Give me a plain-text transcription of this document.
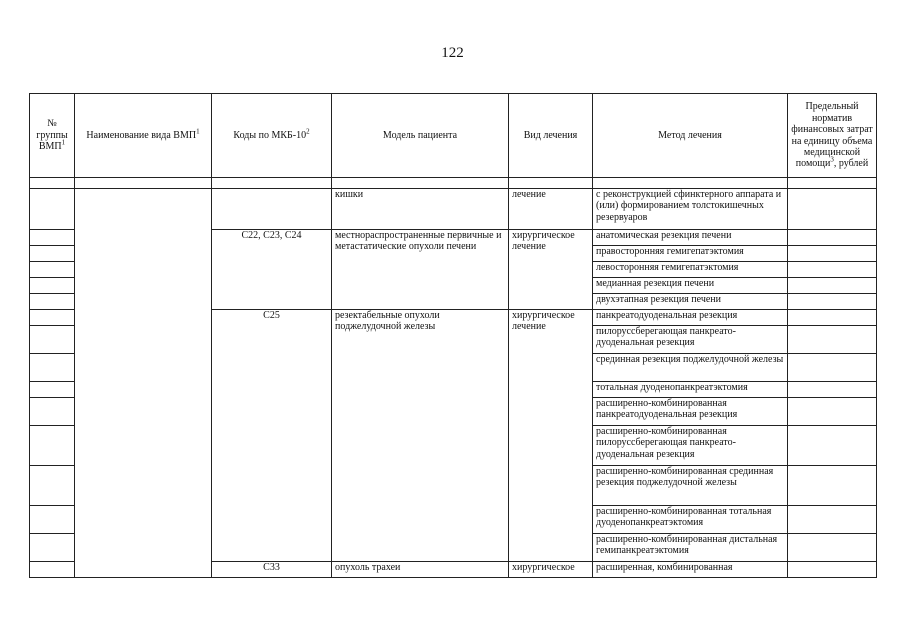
122
№ группы ВМП$^1$	Наименование вида ВМП$^1$	Коды по МКБ-$10^2$	Модель пациента	Вид лечения	Метод лечения	Предельный норматив финансовых затрат на единицу объема медицинской помощи$^3$, рублей

			кишки	лечение	с реконструкцией сфинктерного аппарата и (или) формированием толстокишечных резервуаров	
		C22, C23, C24	местнораспространенные первичные и метастатические опухоли печени	хирургическое лечение	анатомическая резекция печени	
					правосторонняя гемигепатэктомия	
					левосторонняя гемигепатэктомия	
					медианная резекция печени	
					двухэтапная резекция печени	
		C25	резектабельные опухоли поджелудочной железы	хирургическое лечение	панкреатодуоденальная резекция	
					пилоруссберегающая панкреато-дуоденальная резекция	
					срединная резекция поджелудочной железы	
					тотальная дуоденопанкреатэктомия	
					расширенно-комбинированная панкреатодуоденальная резекция	
					расширенно-комбинированная пилоруссберегающая панкреато-дуоденальная резекция	
					расширенно-комбинированная срединная резекция поджелудочной железы	
					расширенно-комбинированная тотальная дуоденопанкреатэктомия	
					расширенно-комбинированная дистальная гемипанкреатэктомия	
		C33	опухоль трахеи	хирургическое	расширенная, комбинированная	
